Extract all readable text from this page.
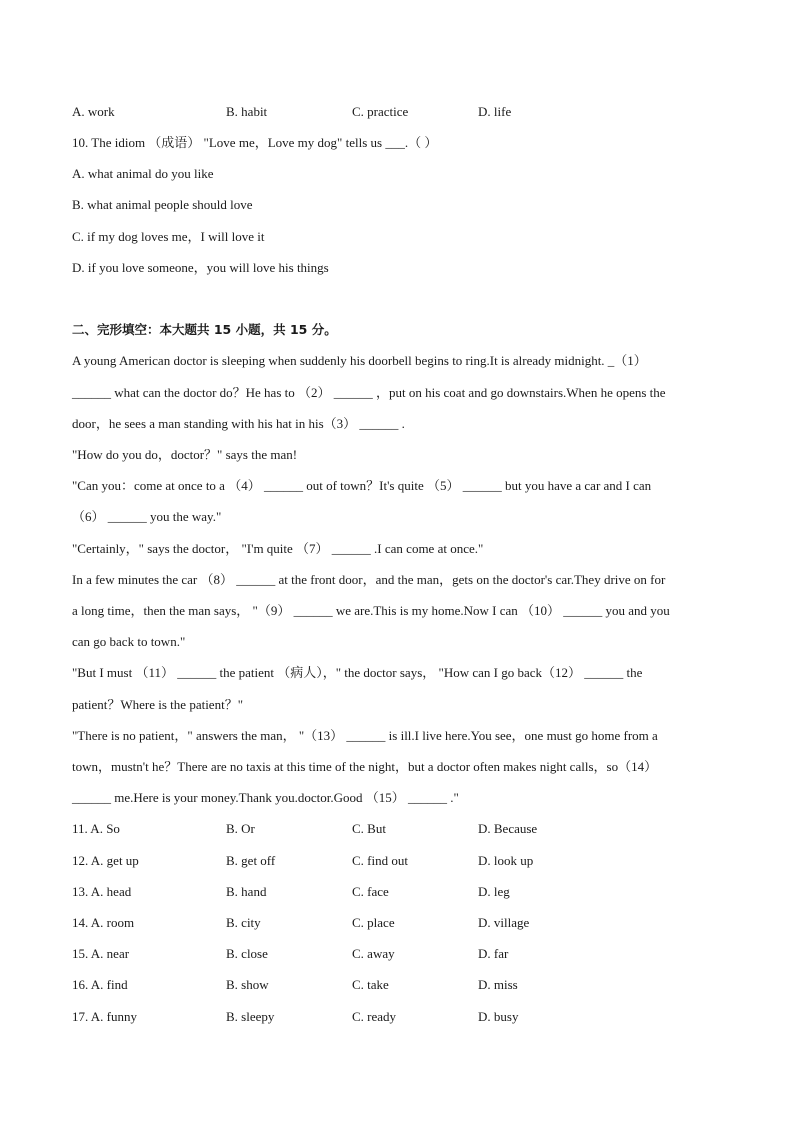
A. work	B. habit	C. practice	D. life
10. The idiom （成语） "Love me，Love my dog" tells us ___.（ ）
A. what animal do you like
B. what animal people should love
C. if my dog loves me，I will love it
D. if you love someone，you will love his things
二、完形填空：本大题共 15 小题，共 15 分。
A young American doctor is sleeping when suddenly his doorbell begins to ring.It is already midnight. _（1）
______ what can the doctor do？He has to （2） ______ ，put on his coat and go downstairs.When he opens the
door，he sees a man standing with his hat in his（3） ______ .
"How do you do，doctor？" says the man!
"Can you：come at once to a （4） ______ out of town？It's quite （5） ______ but you have a car and I can
（6） ______ you the way."
"Certainly，" says the doctor， "I'm quite （7） ______ .I can come at once."
In a few minutes the car （8） ______ at the front door，and the man，gets on the doctor's car.They drive on for
a long time，then the man says， "（9） ______ we are.This is my home.Now I can （10） ______ you and you
can go back to town."
"But I must （11） ______ the patient （病人），" the doctor says， "How can I go back（12） ______ the
patient？Where is the patient？"
"There is no patient，" answers the man， "（13） ______ is ill.I live here.You see，one must go home from a
town，mustn't he？There are no taxis at this time of the night，but a doctor often makes night calls，so（14）
______ me.Here is your money.Thank you.doctor.Good （15） ______ ."
11. A. So	B. Or	C. But	D. Because
12. A. get up	B. get off	C. find out	D. look up
13. A. head	B. hand	C. face	D. leg
14. A. room	B. city	C. place	D. village
15. A. near	B. close	C. away	D. far
16. A. find	B. show	C. take	D. miss
17. A. funny	B. sleepy	C. ready	D. busy
